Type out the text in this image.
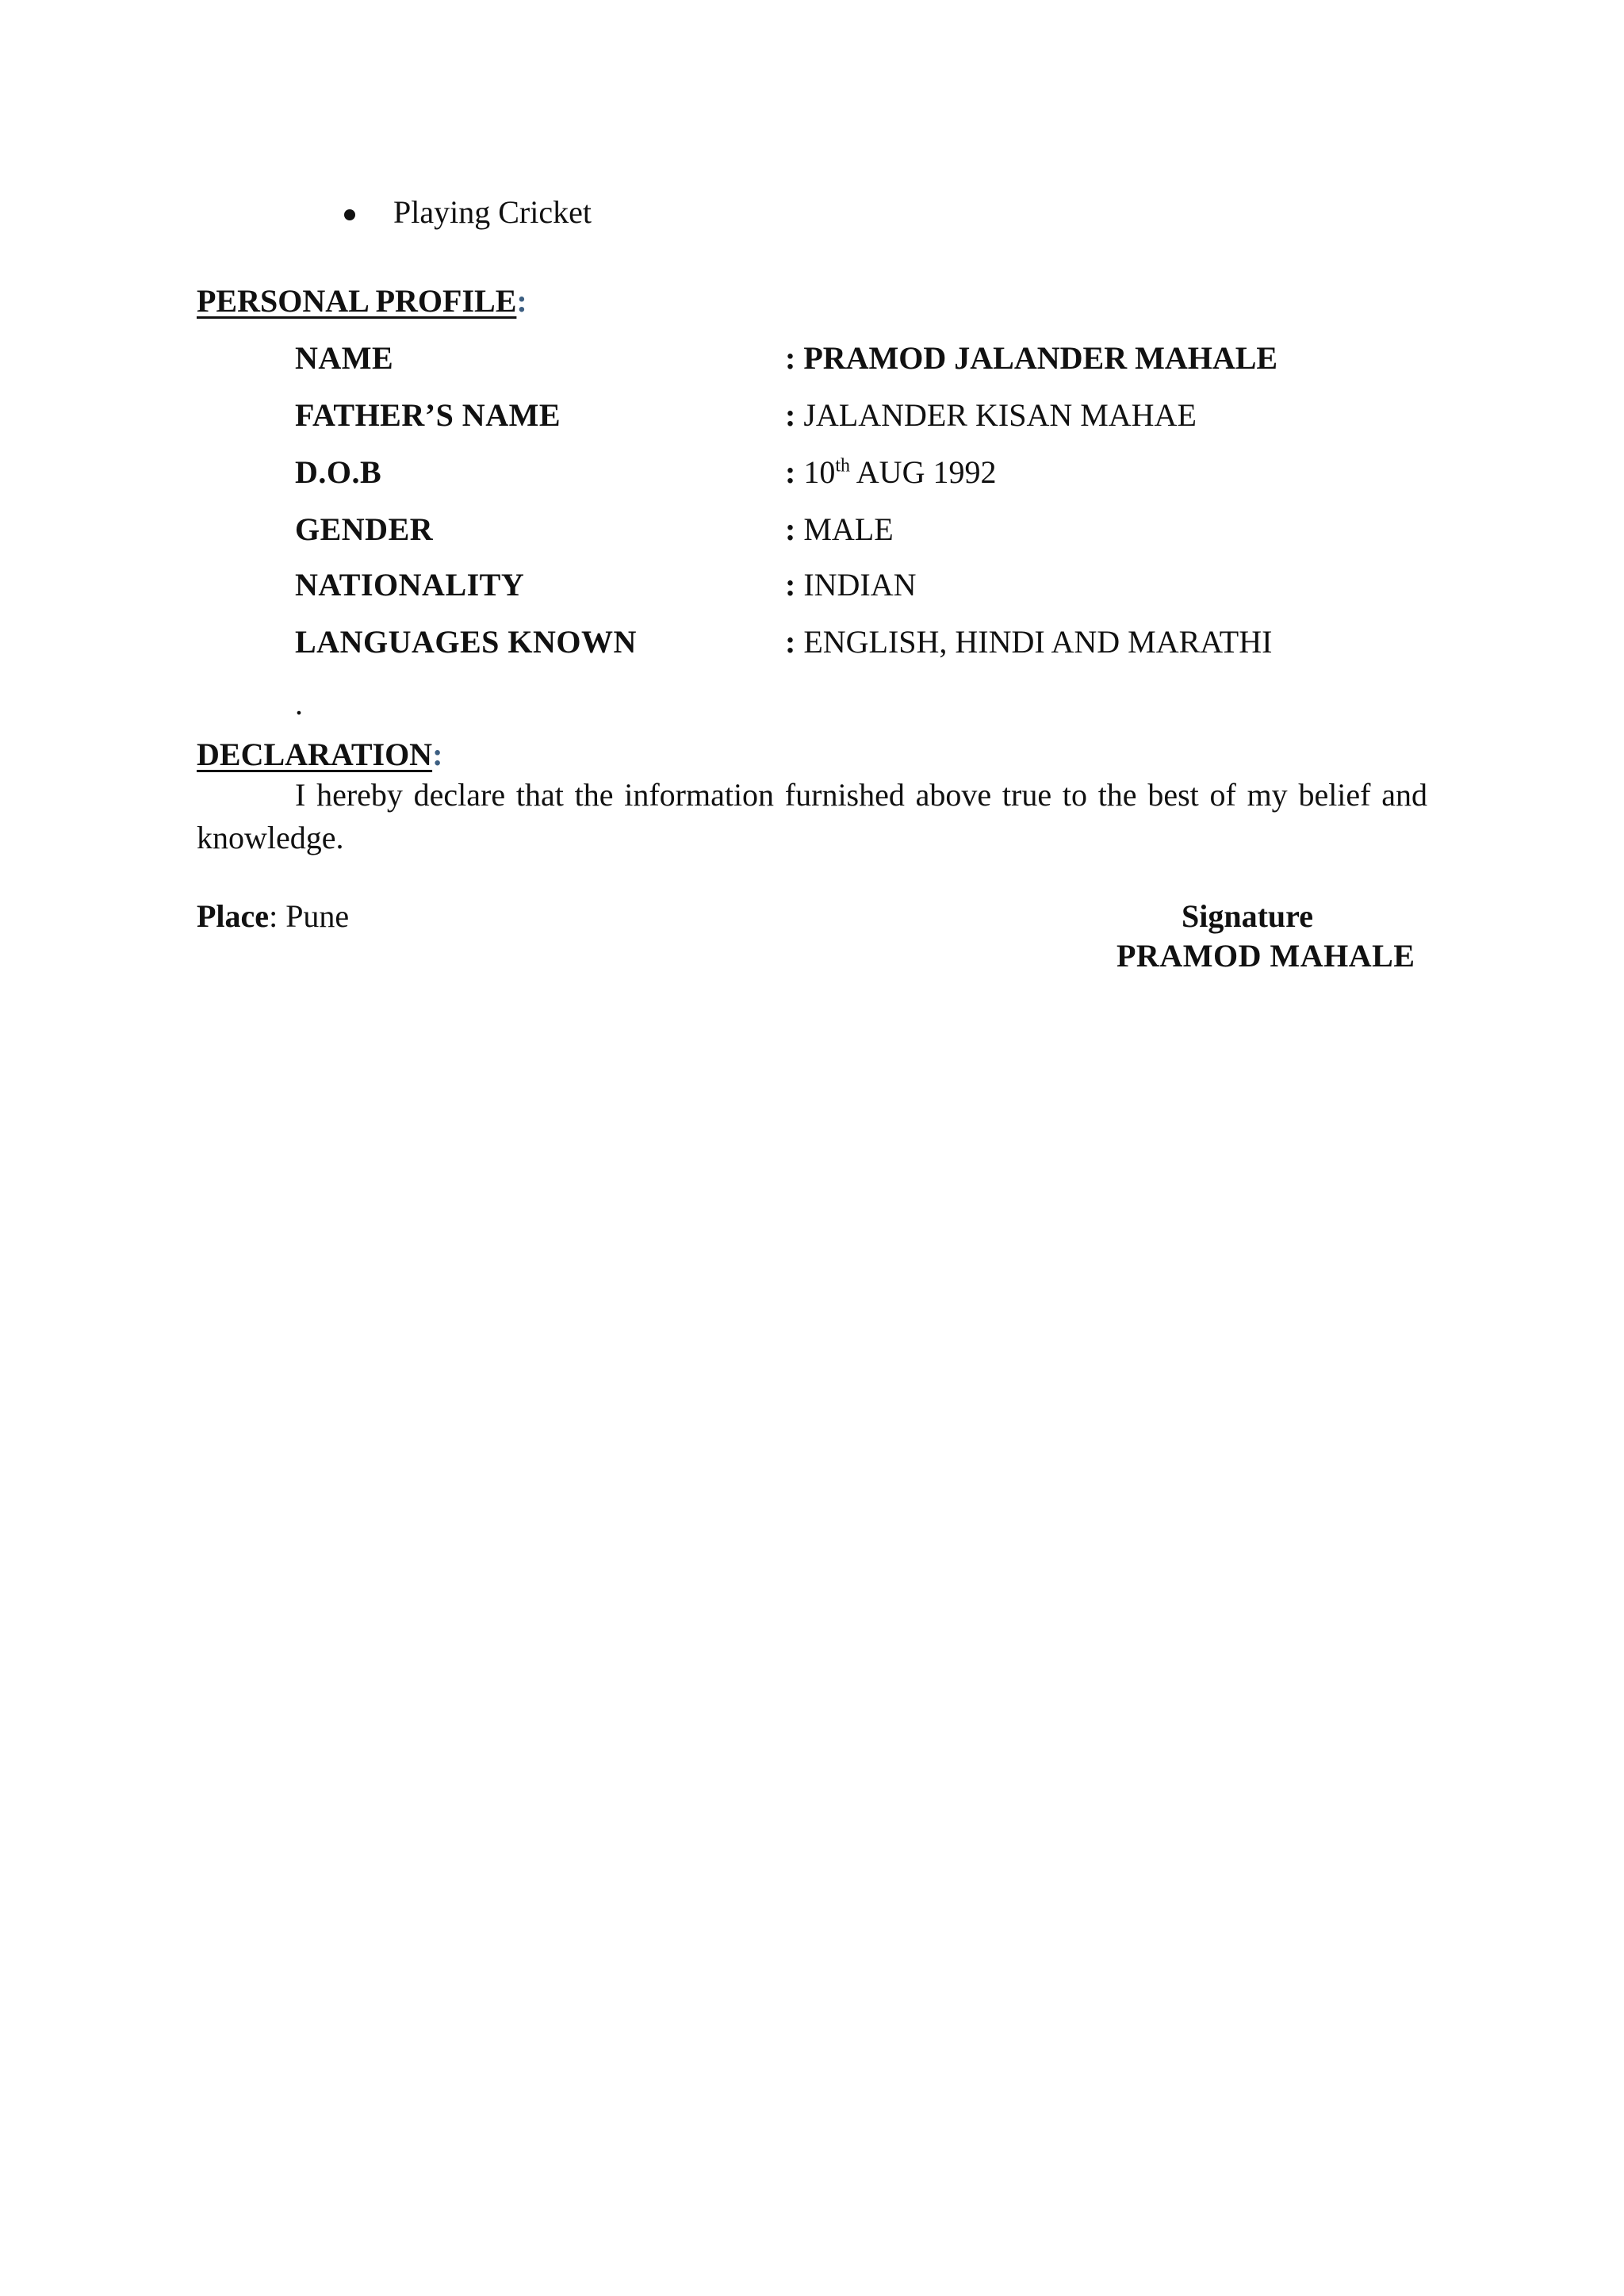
Playing Cricket
PERSONAL PROFILE:
NAME	: PRAMOD JALANDER MAHALE
FATHER’S NAME	: JALANDER KISAN MAHAE
D.O.B	: 10th AUG 1992
GENDER	: MALE
NATIONALITY	: INDIAN
LANGUAGES KNOWN	: ENGLISH, HINDI AND MARATHI
.
DECLARATION:
I hereby declare that the information furnished above true to the best of my belief and knowledge.
Place: Pune	Signature
PRAMOD MAHALE
